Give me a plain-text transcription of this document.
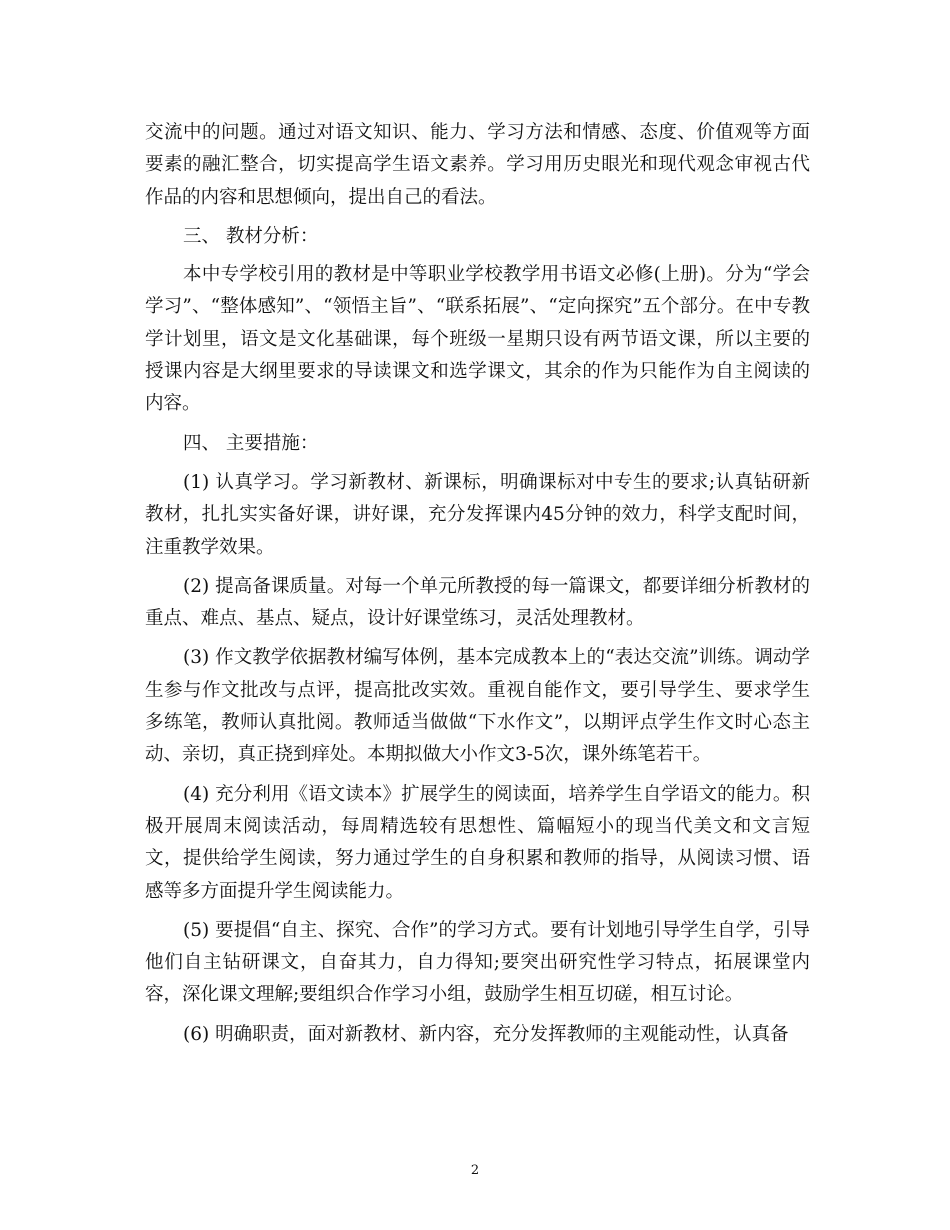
交流中的问题。通过对语文知识、能力、学习方法和情感、态度、价值观等方面要素的融汇整合，切实提高学生语文素养。学习用历史眼光和现代观念审视古代作品的内容和思想倾向，提出自己的看法。

三、 教材分析：

本中专学校引用的教材是中等职业学校教学用书语文必修(上册)。分为“学会学习”、“整体感知”、“领悟主旨”、“联系拓展”、“定向探究”五个部分。在中专教学计划里，语文是文化基础课，每个班级一星期只设有两节语文课，所以主要的授课内容是大纲里要求的导读课文和选学课文，其余的作为只能作为自主阅读的内容。

四、 主要措施：

(1) 认真学习。学习新教材、新课标，明确课标对中专生的要求;认真钻研新教材，扎扎实实备好课，讲好课，充分发挥课内45分钟的效力，科学支配时间，注重教学效果。

(2) 提高备课质量。对每一个单元所教授的每一篇课文，都要详细分析教材的重点、难点、基点、疑点，设计好课堂练习，灵活处理教材。

(3) 作文教学依据教材编写体例，基本完成教本上的“表达交流”训练。调动学生参与作文批改与点评，提高批改实效。重视自能作文，要引导学生、要求学生多练笔，教师认真批阅。教师适当做做“下水作文”，以期评点学生作文时心态主动、亲切，真正挠到痒处。本期拟做大小作文3-5次，课外练笔若干。

(4) 充分利用《语文读本》扩展学生的阅读面，培养学生自学语文的能力。积极开展周末阅读活动，每周精选较有思想性、篇幅短小的现当代美文和文言短文，提供给学生阅读，努力通过学生的自身积累和教师的指导，从阅读习惯、语感等多方面提升学生阅读能力。

(5) 要提倡“自主、探究、合作”的学习方式。要有计划地引导学生自学，引导他们自主钻研课文，自奋其力，自力得知;要突出研究性学习特点，拓展课堂内容，深化课文理解;要组织合作学习小组，鼓励学生相互切磋，相互讨论。

(6) 明确职责，面对新教材、新内容，充分发挥教师的主观能动性，认真备

2
